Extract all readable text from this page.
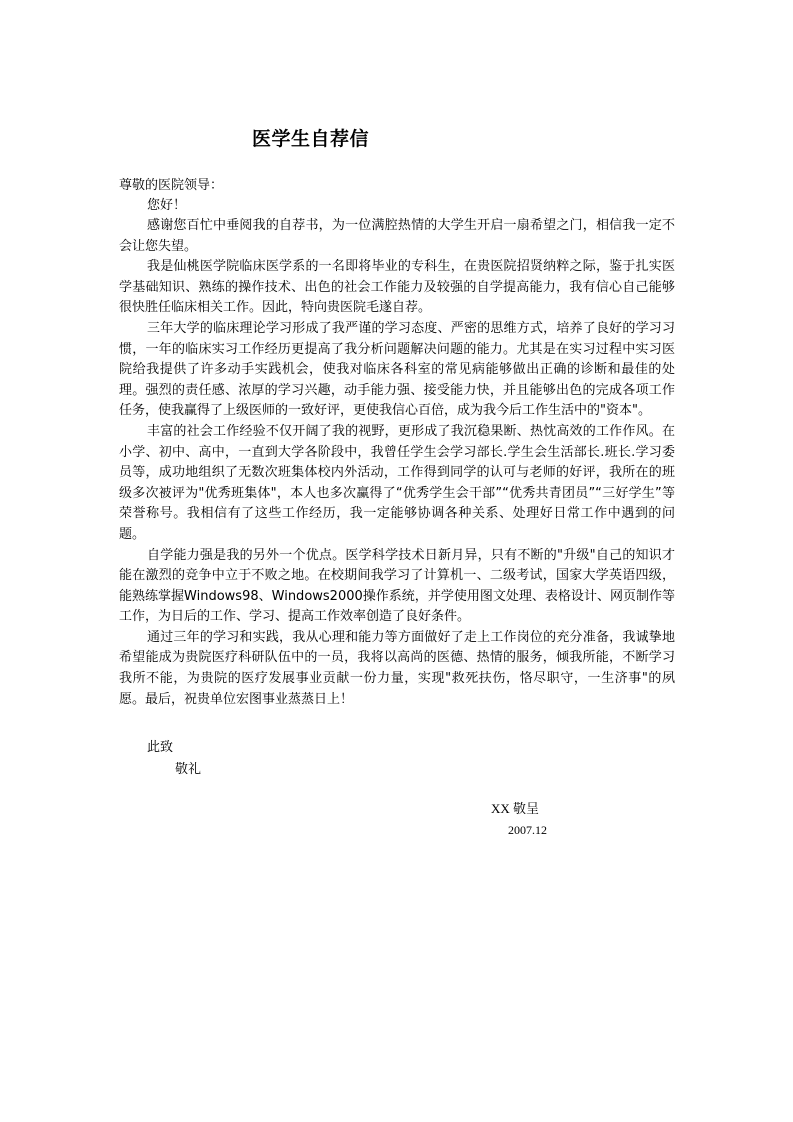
医学生自荐信

尊敬的医院领导：

您好！

感谢您百忙中垂阅我的自荐书，为一位满腔热情的大学生开启一扇希望之门，相信我一定不会让您失望。

我是仙桃医学院临床医学系的一名即将毕业的专科生，在贵医院招贤纳粹之际，鉴于扎实医学基础知识、熟练的操作技术、出色的社会工作能力及较强的自学提高能力，我有信心自己能够很快胜任临床相关工作。因此，特向贵医院毛遂自荐。

三年大学的临床理论学习形成了我严谨的学习态度、严密的思维方式，培养了良好的学习习惯，一年的临床实习工作经历更提高了我分析问题解决问题的能力。尤其是在实习过程中实习医院给我提供了许多动手实践机会，使我对临床各科室的常见病能够做出正确的诊断和最佳的处理。强烈的责任感、浓厚的学习兴趣，动手能力强、接受能力快，并且能够出色的完成各项工作任务，使我赢得了上级医师的一致好评，更使我信心百倍，成为我今后工作生活中的"资本"。

丰富的社会工作经验不仅开阔了我的视野，更形成了我沉稳果断、热忱高效的工作作风。在小学、初中、高中，一直到大学各阶段中，我曾任学生会学习部长.学生会生活部长.班长.学习委员等，成功地组织了无数次班集体校内外活动，工作得到同学的认可与老师的好评，我所在的班级多次被评为"优秀班集体"，本人也多次赢得了“优秀学生会干部”“优秀共青团员”“三好学生”等荣誉称号。我相信有了这些工作经历，我一定能够协调各种关系、处理好日常工作中遇到的问题。

自学能力强是我的另外一个优点。医学科学技术日新月异，只有不断的"升级"自己的知识才能在激烈的竞争中立于不败之地。在校期间我学习了计算机一、二级考试，国家大学英语四级，能熟练掌握Windows98、Windows2000操作系统，并学使用图文处理、表格设计、网页制作等工作，为日后的工作、学习、提高工作效率创造了良好条件。

通过三年的学习和实践，我从心理和能力等方面做好了走上工作岗位的充分准备，我诚挚地希望能成为贵院医疗科研队伍中的一员，我将以高尚的医德、热情的服务，倾我所能，不断学习我所不能，为贵院的医疗发展事业贡献一份力量，实现"救死扶伤，恪尽职守，一生济事"的夙愿。最后，祝贵单位宏图事业蒸蒸日上！

此致

敬礼

XX 敬呈

2007.12
